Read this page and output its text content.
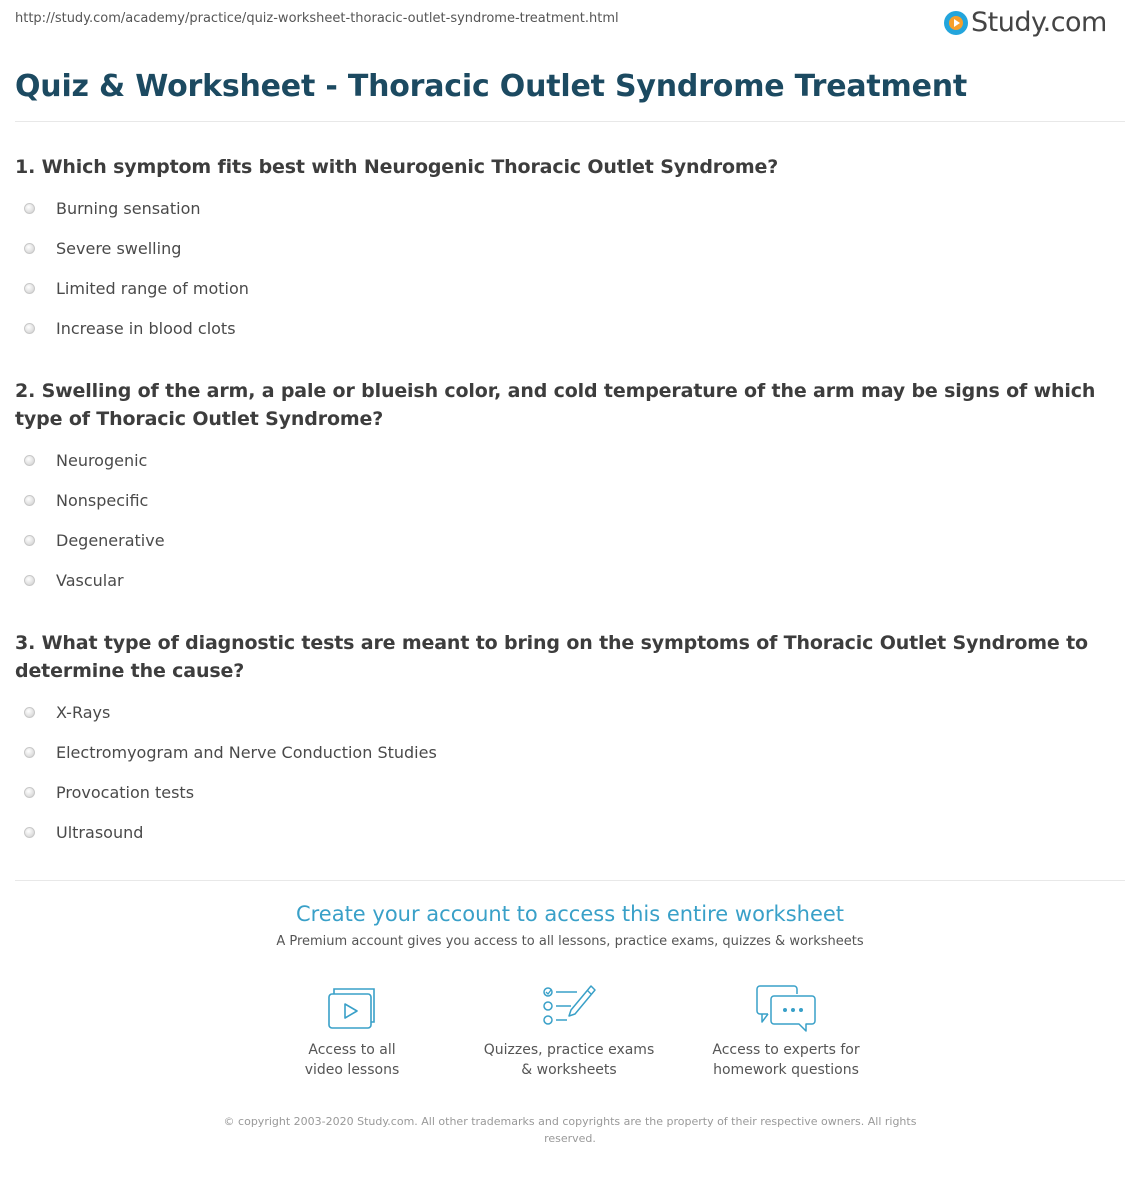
http://study.com/academy/practice/quiz-worksheet-thoracic-outlet-syndrome-treatment.html	Study.com
Quiz & Worksheet - Thoracic Outlet Syndrome Treatment

1. Which symptom fits best with Neurogenic Thoracic Outlet Syndrome?

Burning sensation
Severe swelling
Limited range of motion
Increase in blood clots

2. Swelling of the arm, a pale or blueish color, and cold temperature of the arm may be signs of which type of Thoracic Outlet Syndrome?

Neurogenic
Nonspecific
Degenerative
Vascular

3. What type of diagnostic tests are meant to bring on the symptoms of Thoracic Outlet Syndrome to determine the cause?

X-Rays
Electromyogram and Nerve Conduction Studies
Provocation tests
Ultrasound
Create your account to access this entire worksheet
A Premium account gives you access to all lessons, practice exams, quizzes & worksheets
Access to all
video lessons
Quizzes, practice exams
& worksheets
Access to experts for
homework questions
© copyright 2003-2020 Study.com. All other trademarks and copyrights are the property of their respective owners. All rights reserved.
